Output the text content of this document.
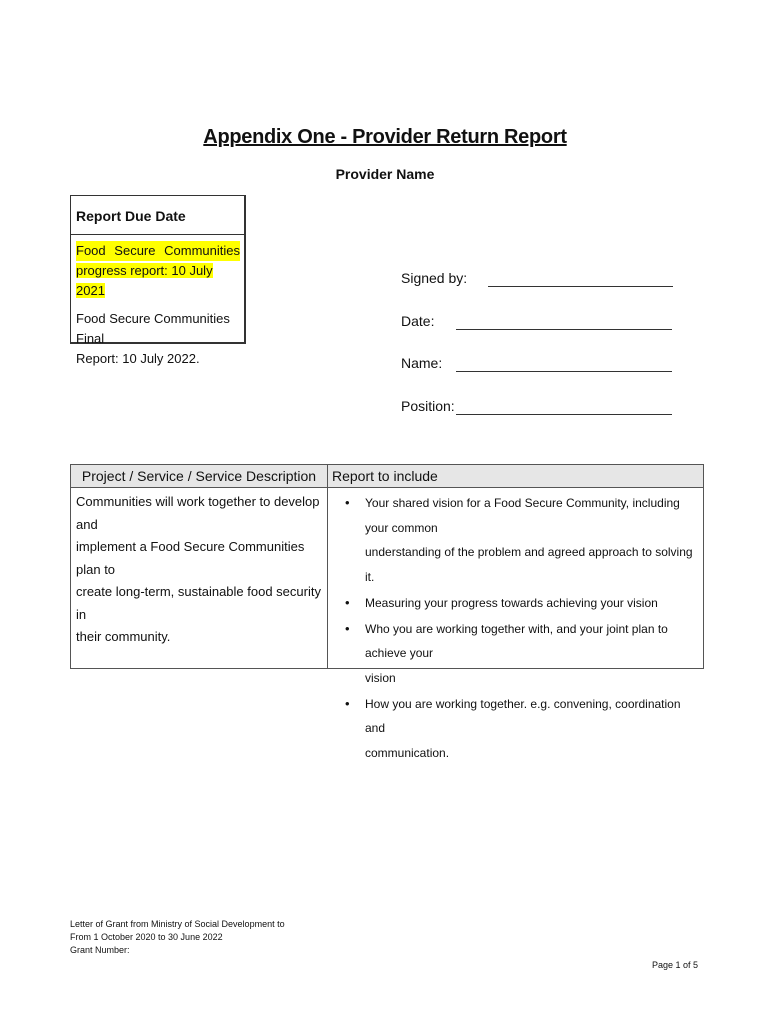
Appendix One - Provider Return Report
Provider Name
Report Due Date
Food Secure Communities
progress report: 10 July 2021
Food Secure Communities Final
Report: 10 July 2022.
Signed by:
Date:
Name:
Position:
Project / Service / Service Description	Report to include
Communities will work together to develop and
implement a Food Secure Communities plan to
create long-term, sustainable food security in
their community.
• Your shared vision for a Food Secure Community, including your common
understanding of the problem and agreed approach to solving it.
• Measuring your progress towards achieving your vision
• Who you are working together with, and your joint plan to achieve your
vision
• How you are working together. e.g. convening, coordination and
communication.
Letter of Grant from Ministry of Social Development to
From 1 October 2020 to 30 June 2022
Grant Number:
Page 1 of 5
